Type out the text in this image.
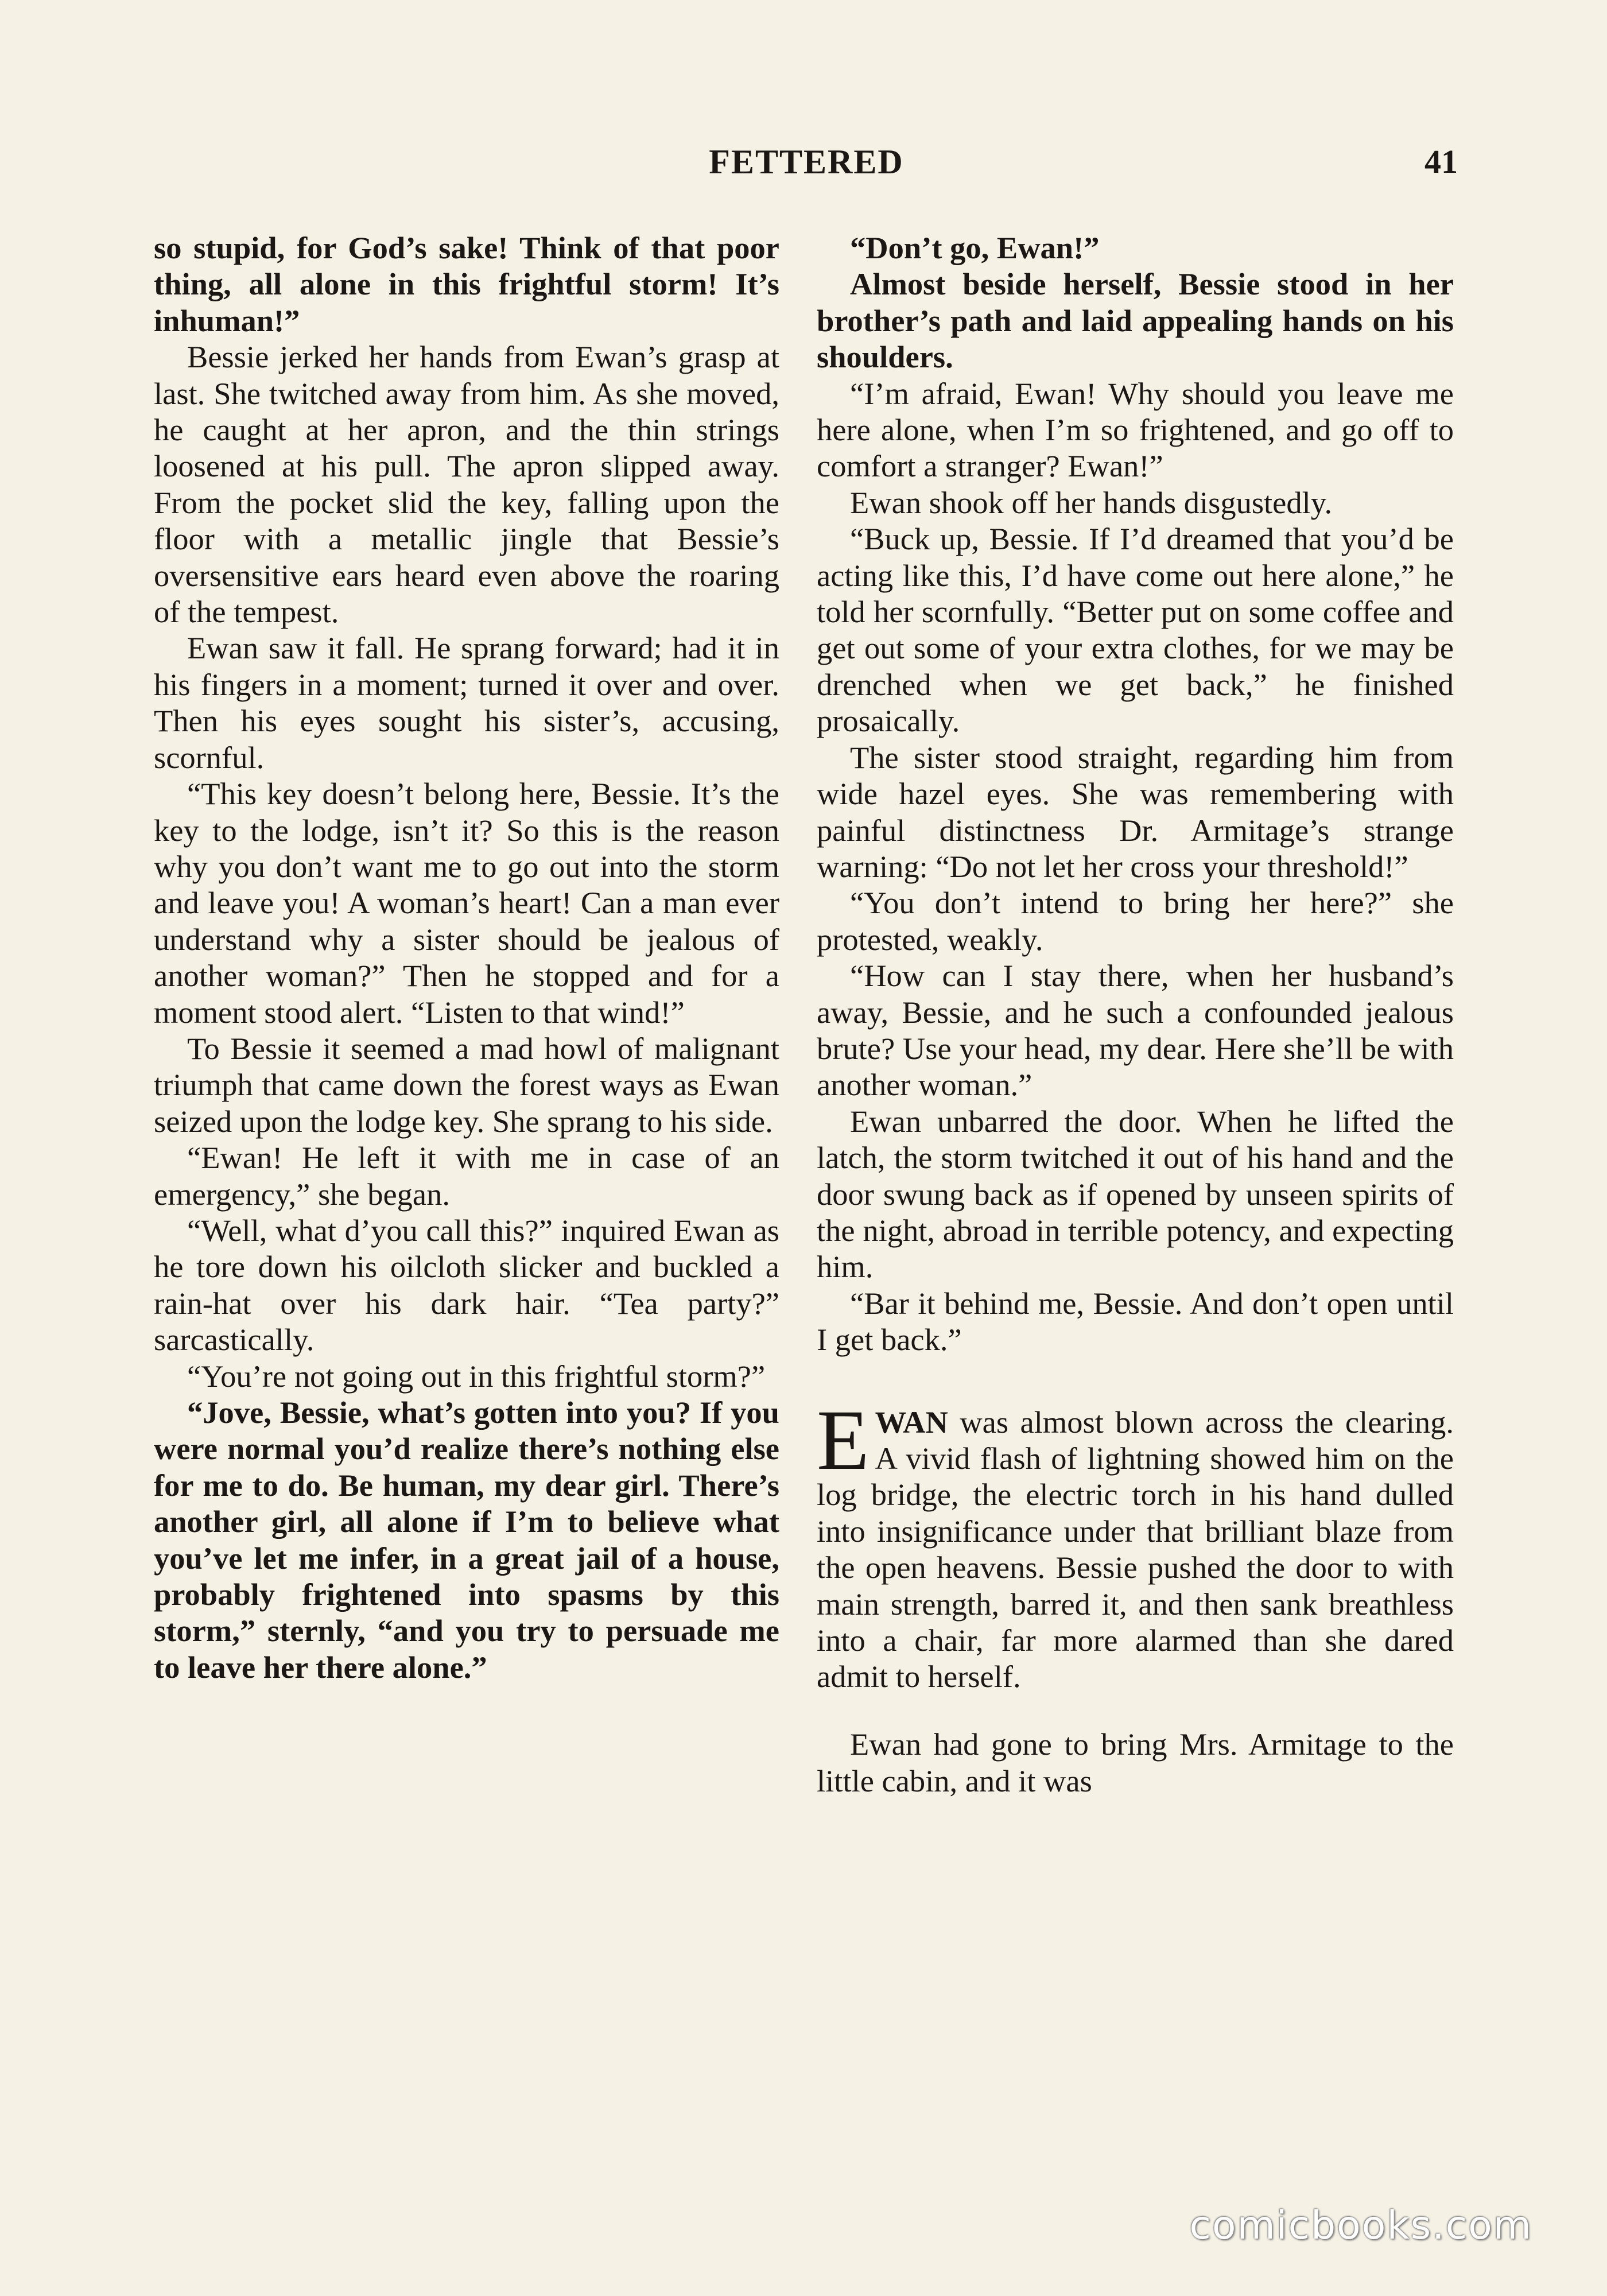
FETTERED	41

so stupid, for God’s sake! Think of that poor thing, all alone in this frightful storm! It’s inhuman!”

Bessie jerked her hands from Ewan’s grasp at last. She twitched away from him. As she moved, he caught at her apron, and the thin strings loosened at his pull. The apron slipped away. From the pocket slid the key, falling upon the floor with a metallic jingle that Bessie’s oversensitive ears heard even above the roaring of the tempest.

Ewan saw it fall. He sprang forward; had it in his fingers in a moment; turned it over and over. Then his eyes sought his sister’s, accusing, scornful.

“This key doesn’t belong here, Bessie. It’s the key to the lodge, isn’t it? So this is the reason why you don’t want me to go out into the storm and leave you! A woman’s heart! Can a man ever understand why a sister should be jealous of another woman?” Then he stopped and for a moment stood alert. “Listen to that wind!”

To Bessie it seemed a mad howl of malignant triumph that came down the forest ways as Ewan seized upon the lodge key. She sprang to his side.

“Ewan! He left it with me in case of an emergency,” she began.

“Well, what d’you call this?” inquired Ewan as he tore down his oilcloth slicker and buckled a rain-hat over his dark hair. “Tea party?” sarcastically.

“You’re not going out in this frightful storm?”

“Jove, Bessie, what’s gotten into you? If you were normal you’d realize there’s nothing else for me to do. Be human, my dear girl. There’s another girl, all alone if I’m to believe what you’ve let me infer, in a great jail of a house, probably frightened into spasms by this storm,” sternly, “and you try to persuade me to leave her there alone.”

“Don’t go, Ewan!”

Almost beside herself, Bessie stood in her brother’s path and laid appealing hands on his shoulders.

“I’m afraid, Ewan! Why should you leave me here alone, when I’m so frightened, and go off to comfort a stranger? Ewan!”

Ewan shook off her hands disgustedly.

“Buck up, Bessie. If I’d dreamed that you’d be acting like this, I’d have come out here alone,” he told her scornfully. “Better put on some coffee and get out some of your extra clothes, for we may be drenched when we get back,” he finished prosaically.

The sister stood straight, regarding him from wide hazel eyes. She was remembering with painful distinctness Dr. Armitage’s strange warning: “Do not let her cross your threshold!”

“You don’t intend to bring her here?” she protested, weakly.

“How can I stay there, when her husband’s away, Bessie, and he such a confounded jealous brute? Use your head, my dear. Here she’ll be with another woman.”

Ewan unbarred the door. When he lifted the latch, the storm twitched it out of his hand and the door swung back as if opened by unseen spirits of the night, abroad in terrible potency, and expecting him.

“Bar it behind me, Bessie. And don’t open until I get back.”

EWAN was almost blown across the clearing. A vivid flash of lightning showed him on the log bridge, the electric torch in his hand dulled into insignificance under that brilliant blaze from the open heavens. Bessie pushed the door to with main strength, barred it, and then sank breathless into a chair, far more alarmed than she dared admit to herself.

Ewan had gone to bring Mrs. Armitage to the little cabin, and it was

comicbooks.com
